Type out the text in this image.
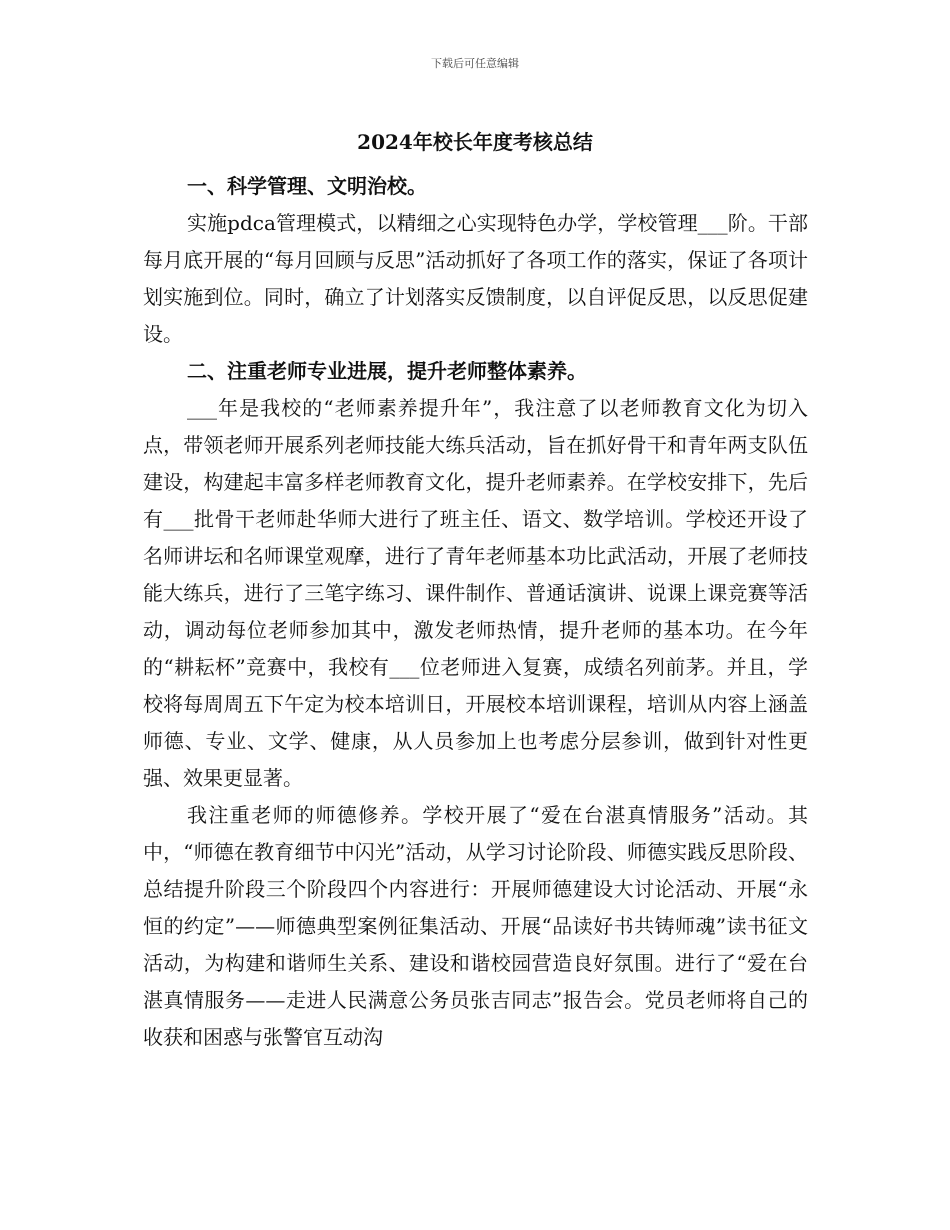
下载后可任意编辑
2024年校长年度考核总结

一、科学管理、文明治校。

实施pdca管理模式，以精细之心实现特色办学，学校管理___阶。干部每月底开展的“每月回顾与反思”活动抓好了各项工作的落实，保证了各项计划实施到位。同时，确立了计划落实反馈制度，以自评促反思，以反思促建设。

二、注重老师专业进展，提升老师整体素养。

___年是我校的“老师素养提升年”，我注意了以老师教育文化为切入点，带领老师开展系列老师技能大练兵活动，旨在抓好骨干和青年两支队伍建设，构建起丰富多样老师教育文化，提升老师素养。在学校安排下，先后有___批骨干老师赴华师大进行了班主任、语文、数学培训。学校还开设了名师讲坛和名师课堂观摩，进行了青年老师基本功比武活动，开展了老师技能大练兵，进行了三笔字练习、课件制作、普通话演讲、说课上课竞赛等活动，调动每位老师参加其中，激发老师热情，提升老师的基本功。在今年的“耕耘杯”竞赛中，我校有___位老师进入复赛，成绩名列前茅。并且，学校将每周周五下午定为校本培训日，开展校本培训课程，培训从内容上涵盖师德、专业、文学、健康，从人员参加上也考虑分层参训，做到针对性更强、效果更显著。

我注重老师的师德修养。学校开展了“爱在台湛真情服务”活动。其中，“师德在教育细节中闪光”活动，从学习讨论阶段、师德实践反思阶段、总结提升阶段三个阶段四个内容进行：开展师德建设大讨论活动、开展“永恒的约定”——师德典型案例征集活动、开展“品读好书共铸师魂”读书征文活动，为构建和谐师生关系、建设和谐校园营造良好氛围。进行了“爱在台湛真情服务——走进人民满意公务员张吉同志”报告会。党员老师将自己的收获和困惑与张警官互动沟
